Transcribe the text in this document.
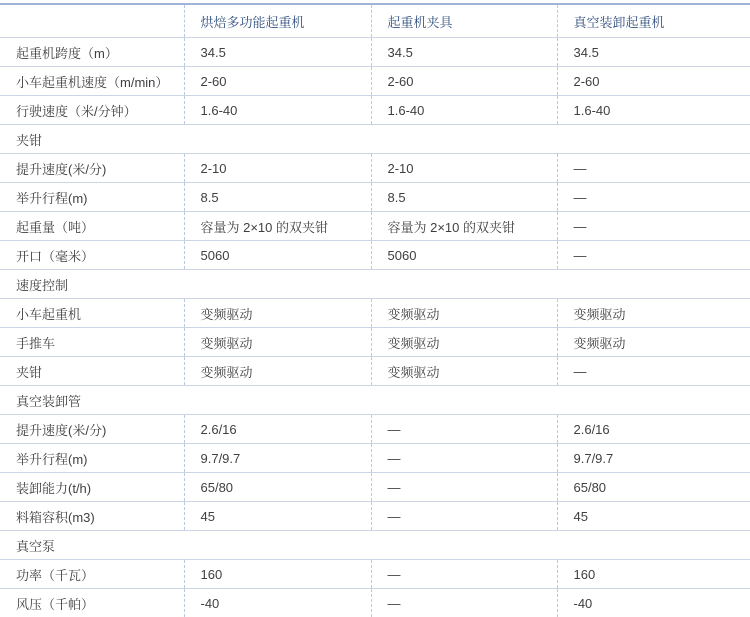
	烘焙多功能起重机	起重机夹具	真空装卸起重机
起重机跨度（m）	34.5	34.5	34.5
小车起重机速度（m/min）	2-60	2-60	2-60
行驶速度（米/分钟）	1.6-40	1.6-40	1.6-40
夹钳			
提升速度(米/分)	2-10	2-10	—
举升行程(m)	8.5	8.5	—
起重量（吨）	容量为 2×10 的双夹钳	容量为 2×10 的双夹钳	—
开口（毫米）	5060	5060	—
速度控制			
小车起重机	变频驱动	变频驱动	变频驱动
手推车	变频驱动	变频驱动	变频驱动
夹钳	变频驱动	变频驱动	—
真空装卸管			
提升速度(米/分)	2.6/16	—	2.6/16
举升行程(m)	9.7/9.7	—	9.7/9.7
装卸能力(t/h)	65/80	—	65/80
料箱容积(m3)	45	—	45
真空泵			
功率（千瓦）	160	—	160
风压（千帕）	-40	—	-40
